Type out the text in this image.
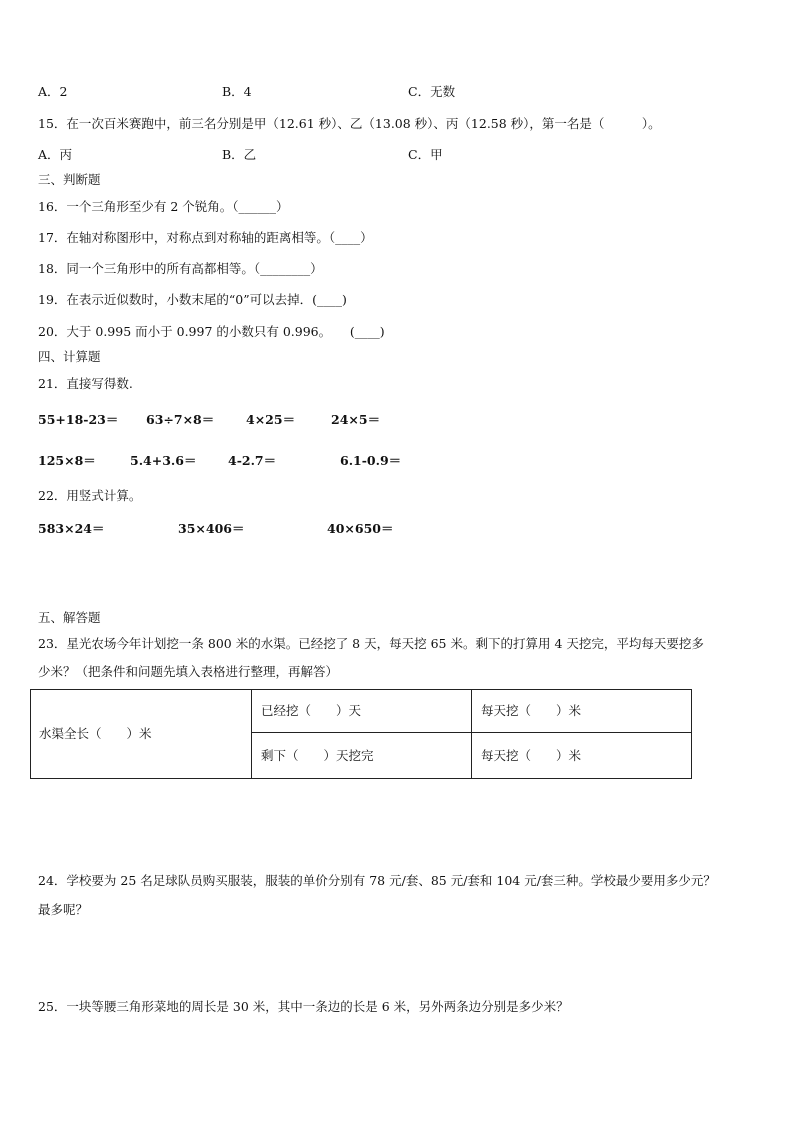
A．2	B．4	C．无数
15．在一次百米赛跑中，前三名分别是甲（12.61 秒）、乙（13.08 秒）、丙（12.58 秒），第一名是（　　　）。
A．丙	B．乙	C．甲
三、判断题
16．一个三角形至少有 2 个锐角。（______）
17．在轴对称图形中，对称点到对称轴的距离相等。（____）
18．同一个三角形中的所有高都相等。（________）
19．在表示近似数时，小数末尾的“0”可以去掉．(____)
20．大于 0.995 而小于 0.997 的小数只有 0.996。　　(____)
四、计算题
21．直接写得数.
55+18-23＝ 63÷7×8＝	4×25＝	24×5＝
125×8＝	5.4+3.6＝	4-2.7＝	6.1-0.9＝
22．用竖式计算。
583×24＝	35×406＝	40×650＝
五、解答题
23．星光农场今年计划挖一条 800 米的水渠。已经挖了 8 天，每天挖 65 米。剩下的打算用 4 天挖完，平均每天要挖多
少米？（把条件和问题先填入表格进行整理，再解答）
水渠全长（　　）米
已经挖（　　）天	每天挖（　　）米
剩下（　　）天挖完	每天挖（　　）米
24．学校要为 25 名足球队员购买服装，服装的单价分别有 78 元/套、85 元/套和 104 元/套三种。学校最少要用多少元？
最多呢？
25．一块等腰三角形菜地的周长是 30 米，其中一条边的长是 6 米，另外两条边分别是多少米？
